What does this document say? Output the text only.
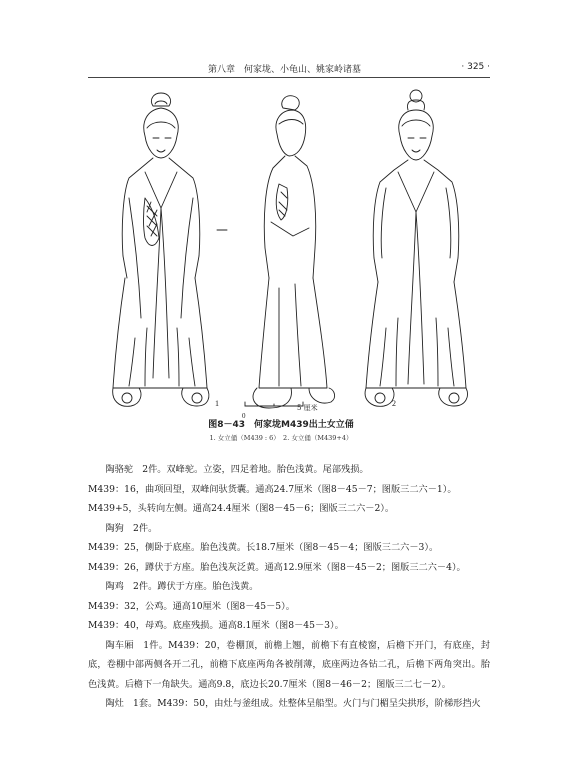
第八章　何家垅、小龟山、姚家岭诸墓	· 325 ·
1	2
0
5 厘米
图8－43　何家垅M439出土女立俑
1. 女立俑（M439 : 6）　2. 女立俑（M439+4）

陶骆驼　2件。双峰驼。立姿，四足着地。胎色浅黄。尾部残损。

M439：16，曲项回望，双峰间驮货囊。通高24.7厘米（图8－45－7；图版三二六－1）。

M439+5，头转向左侧。通高24.4厘米（图8－45－6；图版三二六－2）。

陶狗　2件。

M439：25，侧卧于底座。胎色浅黄。长18.7厘米（图8－45－4；图版三二六－3）。

M439：26，蹲伏于方座。胎色浅灰泛黄。通高12.9厘米（图8－45－2；图版三二六－4）。

陶鸡　2件。蹲伏于方座。胎色浅黄。

M439：32，公鸡。通高10厘米（图8－45－5）。

M439：40，母鸡。底座残损。通高8.1厘米（图8－45－3）。

陶车厢　1件。M439：20，卷棚顶，前檐上翘，前檐下有直棱窗，后檐下开门，有底座，封底，卷棚中部两侧各开二孔，前檐下底座两角各被削薄，底座两边各钻二孔，后檐下两角突出。胎色浅黄。后檐下一角缺失。通高9.8，底边长20.7厘米（图8－46－2；图版三二七－2）。

陶灶　1套。M439：50，由灶与釜组成。灶整体呈船型。火门与门楣呈尖拱形，阶梯形挡火
